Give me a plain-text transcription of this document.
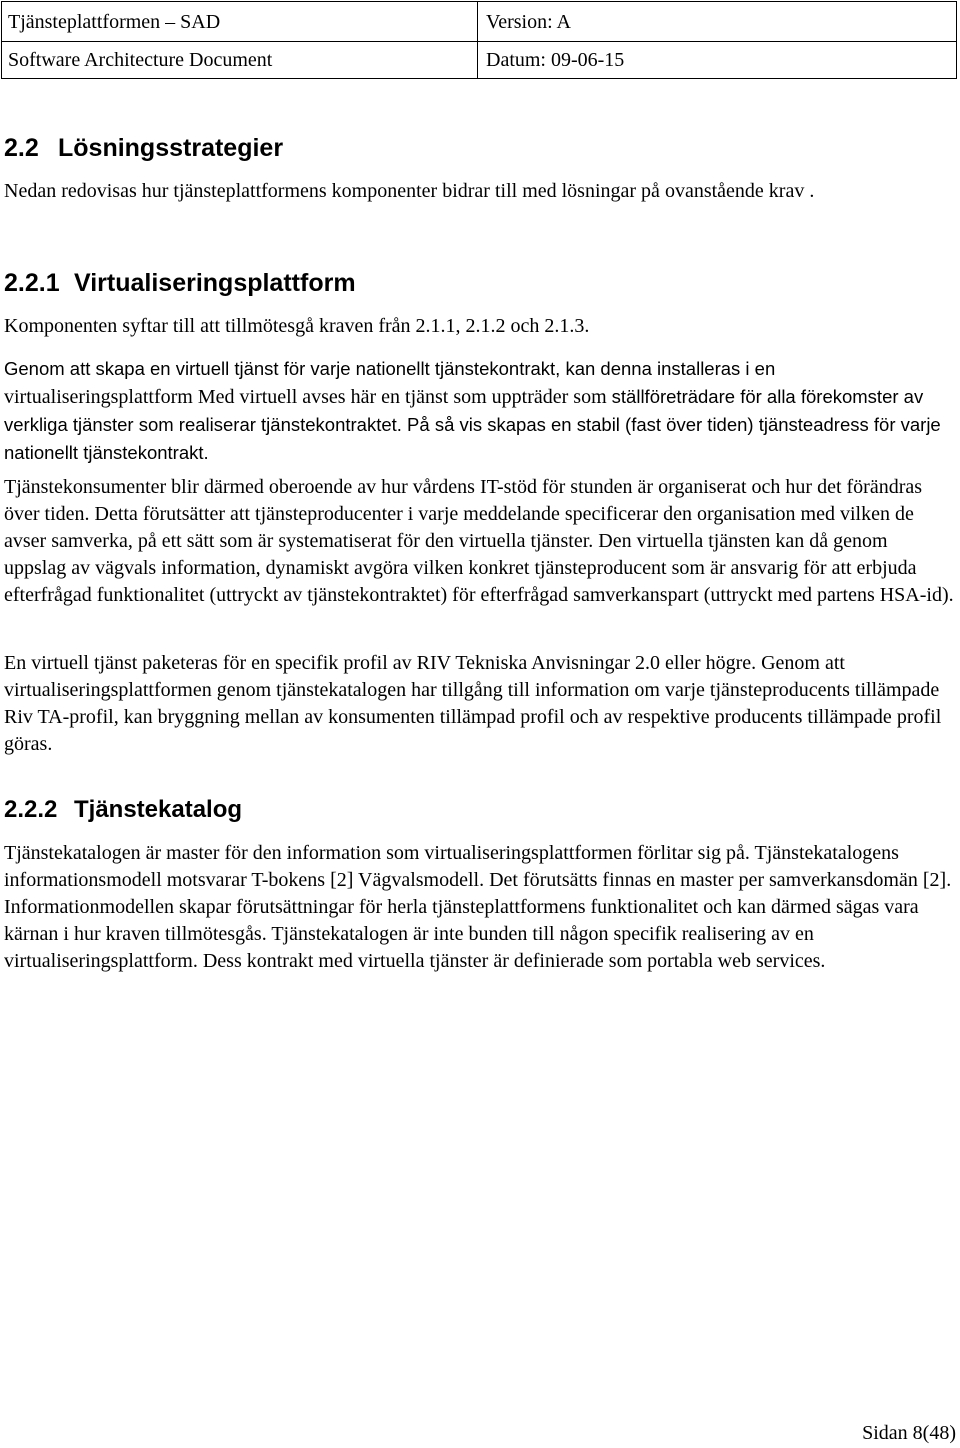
Tjänsteplattformen – SAD	Version: A
Software Architecture Document	Datum: 09-06-15
2.2 Lösningsstrategier

Nedan redovisas hur tjänsteplattformens komponenter bidrar till med lösningar på ovanstående krav .

2.2.1 Virtualiseringsplattform

Komponenten syftar till att tillmötesgå kraven från 2.1.1, 2.1.2 och 2.1.3.

Genom att skapa en virtuell tjänst för varje nationellt tjänstekontrakt, kan denna installeras i en virtualiseringsplattform Med virtuell avses här en tjänst som uppträder som ställföreträdare för alla förekomster av verkliga tjänster som realiserar tjänstekontraktet. På så vis skapas en stabil (fast över tiden) tjänsteadress för varje nationellt tjänstekontrakt.

Tjänstekonsumenter blir därmed oberoende av hur vårdens IT-stöd för stunden är organiserat och hur det förändras över tiden. Detta förutsätter att tjänsteproducenter i varje meddelande specificerar den organisation med vilken de avser samverka, på ett sätt som är systematiserat för den virtuella tjänster. Den virtuella tjänsten kan då genom uppslag av vägvals information, dynamiskt avgöra vilken konkret tjänsteproducent som är ansvarig för att erbjuda efterfrågad funktionalitet (uttryckt av tjänstekontraktet) för efterfrågad samverkanspart (uttryckt med partens HSA-id).

En virtuell tjänst paketeras för en specifik profil av RIV Tekniska Anvisningar 2.0 eller högre. Genom att virtualiseringsplattformen genom tjänstekatalogen har tillgång till information om varje tjänsteproducents tillämpade Riv TA-profil, kan bryggning mellan av konsumenten tillämpad profil och av respektive producents tillämpade profil göras.

2.2.2 Tjänstekatalog

Tjänstekatalogen är master för den information som virtualiseringsplattformen förlitar sig på. Tjänstekatalogens informationsmodell motsvarar T-bokens [2] Vägvalsmodell. Det förutsätts finnas en master per samverkansdomän [2]. Informationmodellen skapar förutsättningar för herla tjänsteplattformens funktionalitet och kan därmed sägas vara kärnan i hur kraven tillmötesgås. Tjänstekatalogen är inte bunden till någon specifik realisering av en virtualiseringsplattform. Dess kontrakt med virtuella tjänster är definierade som portabla web services.

Sidan 8(48)
